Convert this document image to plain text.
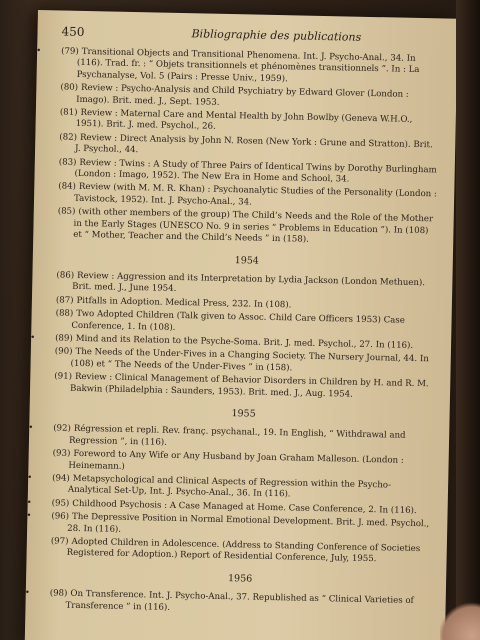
450	Bibliographie des publications
•	(79) Transitional Objects and Transitional Phenomena. Int. J. Psycho-Anal., 34. In (116). Trad. fr. : “ Objets transitionnels et phénomènes transitionnels ”. In : La Psychanalyse, Vol. 5 (Pairs : Presse Univ., 1959).
(80) Review : Psycho-Analysis and Child Psychiatry by Edward Glover (London : Imago). Brit. med. J., Sept. 1953.
(81) Review : Maternal Care and Mental Health by John Bowlby (Geneva W.H.O., 1951). Brit. J. med. Psychol., 26.
(82) Review : Direct Analysis by John N. Rosen (New York : Grune and Stratton). Brit. J. Psychol., 44.
(83) Review : Twins : A Study of Three Pairs of Identical Twins by Dorothy Burlingham (London : Imago, 1952). The New Era in Home and School, 34.
(84) Review (with M. M. R. Khan) : Psychoanalytic Studies of the Personality (London : Tavistock, 1952). Int. J. Psycho-Anal., 34.
(85) (with other members of the group) The Child’s Needs and the Role of the Mother in the Early Stages (UNESCO No. 9 in series “ Problems in Education ”). In (108) et “ Mother, Teacher and the Child’s Needs ” in (158).
1954
(86) Review : Aggression and its Interpretation by Lydia Jackson (London Methuen). Brit. med. J., June 1954.
(87) Pitfalls in Adoption. Medical Press, 232. In (108).
(88) Two Adopted Children (Talk given to Assoc. Child Care Officers 1953) Case Conference, 1. In (108).
•	(89) Mind and its Relation to the Psyche-Soma. Brit. J. med. Psychol., 27. In (116).
(90) The Needs of the Under-Fives in a Changing Society. The Nursery Journal, 44. In (108) et “ The Needs of the Under-Fives ” in (158).
(91) Review : Clinical Management of Behavior Disorders in Children by H. and R. M. Bakwin (Philadelphia : Saunders, 1953). Brit. med. J., Aug. 1954.
1955
•	(92) Régression et repli. Rev. franç. psychanal., 19. In English, “ Withdrawal and Regression ”, in (116).
(93) Foreword to Any Wife or Any Husband by Joan Graham Malleson. (London : Heinemann.)
•	(94) Metapsychological and Clinical Aspects of Regression within the Psycho-Analytical Set-Up, Int. J. Psycho-Anal., 36. In (116).
•	(95) Childhood Psychosis : A Case Managed at Home. Case Conference, 2. In (116).
•	(96) The Depressive Position in Normal Emotional Development. Brit. J. med. Psychol., 28. In (116).
(97) Adopted Children in Adolescence. (Address to Standing Conference of Societies Registered for Adoption.) Report of Residential Conference, July, 1955.
1956
•	(98) On Transference. Int. J. Psycho-Anal., 37. Republished as “ Clinical Varieties of Transference ” in (116).
